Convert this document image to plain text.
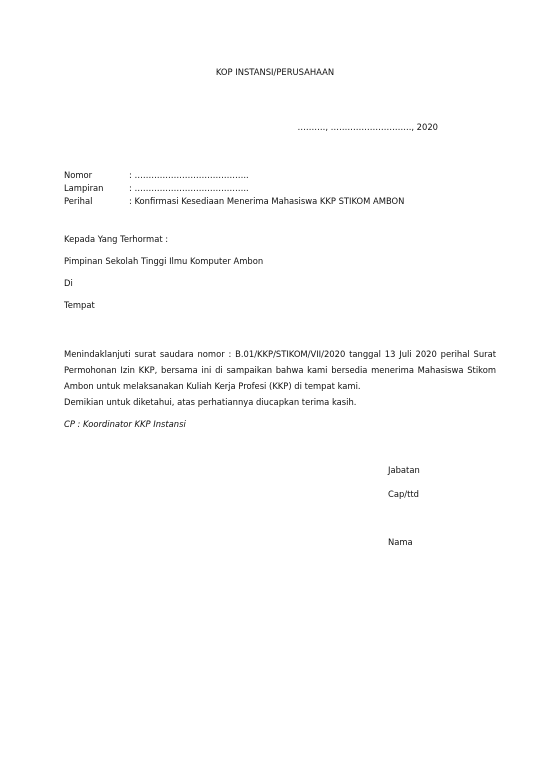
KOP INSTANSI/PERUSAHAAN
………., ……………………….., 2020
Nomor	: …………………………………..
Lampiran	: …………………………………..
Perihal	: Konfirmasi Kesediaan Menerima Mahasiswa KKP STIKOM AMBON
Kepada Yang Terhormat :
Pimpinan Sekolah Tinggi Ilmu Komputer Ambon
Di
Tempat
Menindaklanjuti surat saudara nomor : B.01/KKP/STIKOM/VII/2020 tanggal 13 Juli 2020 perihal Surat Permohonan Izin KKP, bersama ini di sampaikan bahwa kami bersedia menerima Mahasiswa Stikom Ambon untuk melaksanakan Kuliah Kerja Profesi (KKP) di tempat kami.
Demikian untuk diketahui, atas perhatiannya diucapkan terima kasih.
CP : Koordinator KKP Instansi
Jabatan
Cap/ttd
Nama
